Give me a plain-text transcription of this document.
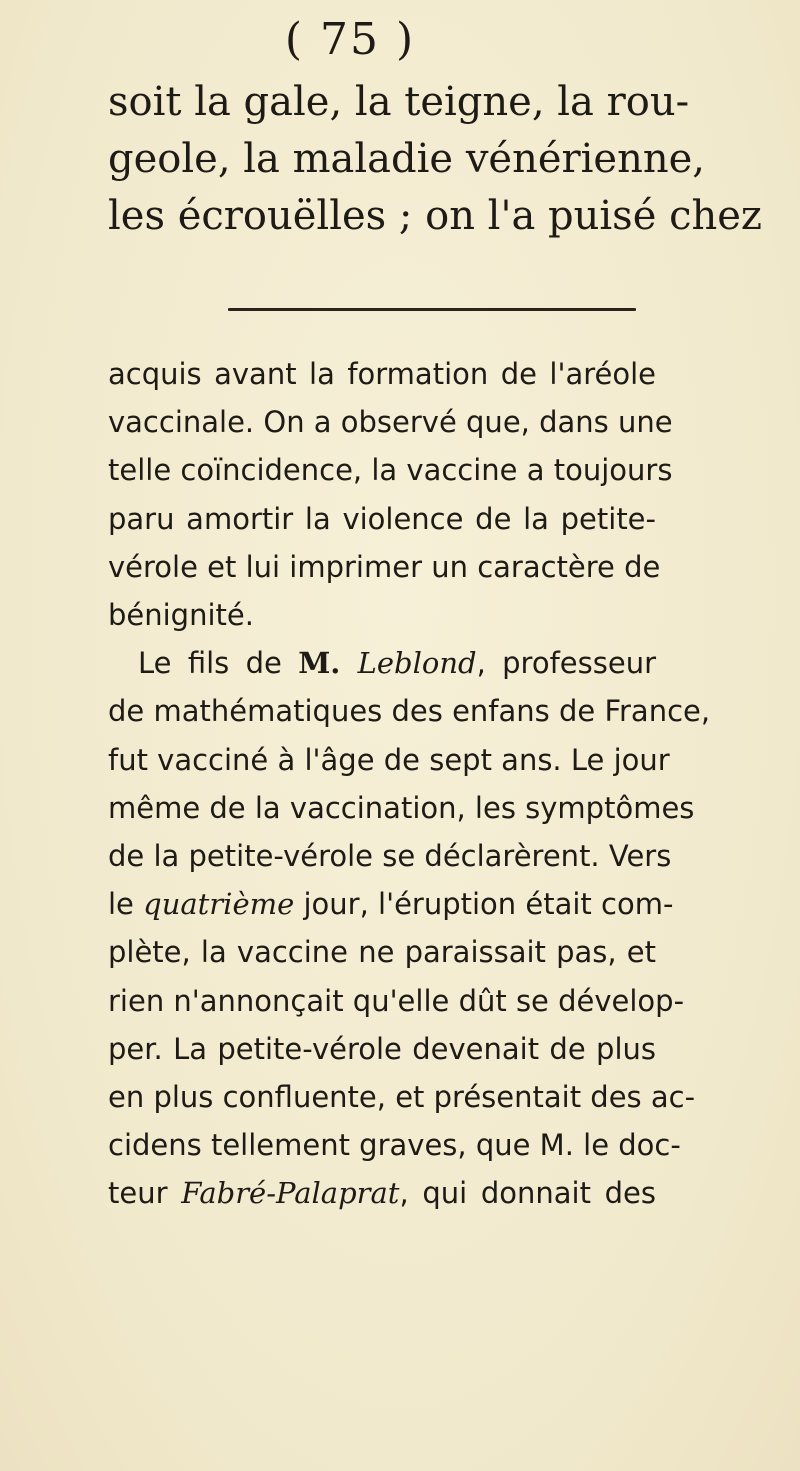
( 75 )
soit la gale, la teigne, la rou-
geole, la maladie vénérienne,
les écrouëlles ; on l'a puisé chez
acquis avant la formation de l'aréole
vaccinale. On a observé que, dans une
telle coïncidence, la vaccine a toujours
paru amortir la violence de la petite-
vérole et lui imprimer un caractère de
bénignité.
Le fils de M. Leblond, professeur
de mathématiques des enfans de France,
fut vacciné à l'âge de sept ans. Le jour
même de la vaccination, les symptômes
de la petite-vérole se déclarèrent. Vers
le quatrième jour, l'éruption était com-
plète, la vaccine ne paraissait pas, et
rien n'annonçait qu'elle dût se dévelop-
per. La petite-vérole devenait de plus
en plus confluente, et présentait des ac-
cidens tellement graves, que M. le doc-
teur Fabré-Palaprat, qui donnait des
